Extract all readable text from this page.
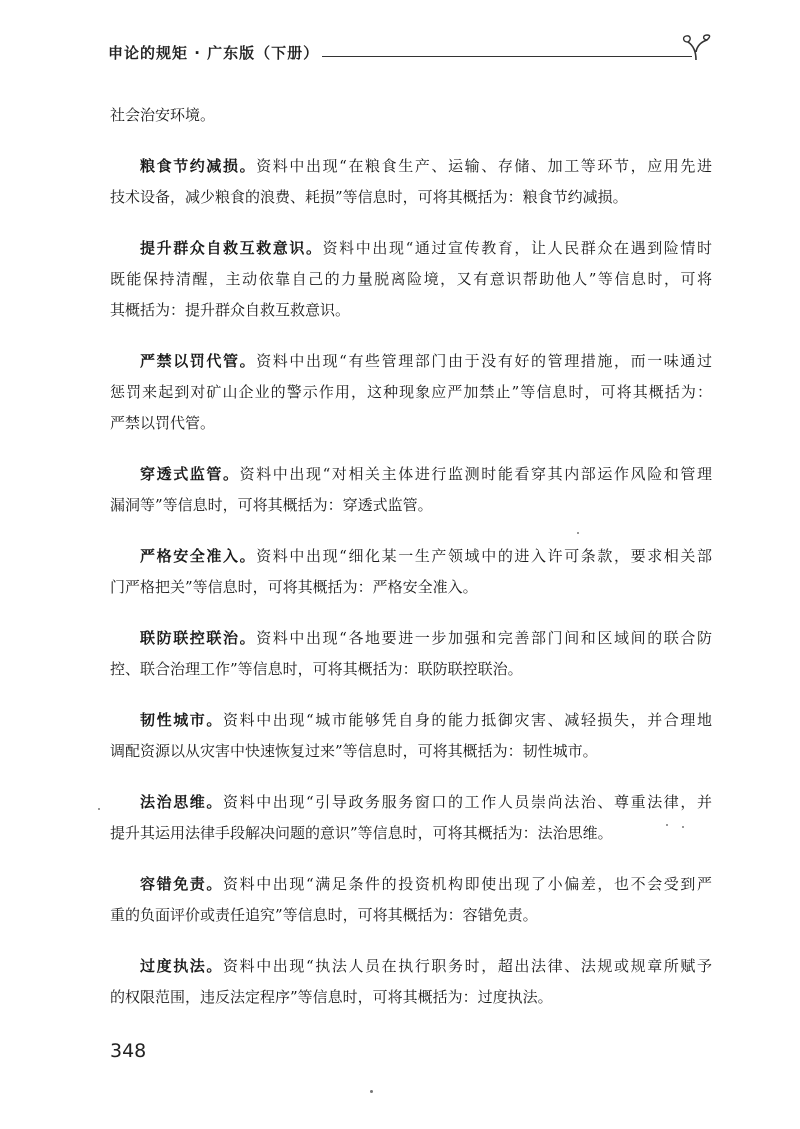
申论的规矩 · 广东版（下册）
社会治安环境。
粮食节约减损。资料中出现“在粮食生产、运输、存储、加工等环节，应用先进
技术设备，减少粮食的浪费、耗损”等信息时，可将其概括为：粮食节约减损。
提升群众自救互救意识。资料中出现“通过宣传教育，让人民群众在遇到险情时
既能保持清醒，主动依靠自己的力量脱离险境，又有意识帮助他人”等信息时，可将
其概括为：提升群众自救互救意识。
严禁以罚代管。资料中出现“有些管理部门由于没有好的管理措施，而一味通过
惩罚来起到对矿山企业的警示作用，这种现象应严加禁止”等信息时，可将其概括为：
严禁以罚代管。
穿透式监管。资料中出现“对相关主体进行监测时能看穿其内部运作风险和管理
漏洞等”等信息时，可将其概括为：穿透式监管。
严格安全准入。资料中出现“细化某一生产领域中的进入许可条款，要求相关部
门严格把关”等信息时，可将其概括为：严格安全准入。
联防联控联治。资料中出现“各地要进一步加强和完善部门间和区域间的联合防
控、联合治理工作”等信息时，可将其概括为：联防联控联治。
韧性城市。资料中出现“城市能够凭自身的能力抵御灾害、减轻损失，并合理地
调配资源以从灾害中快速恢复过来”等信息时，可将其概括为：韧性城市。
法治思维。资料中出现“引导政务服务窗口的工作人员崇尚法治、尊重法律，并
提升其运用法律手段解决问题的意识”等信息时，可将其概括为：法治思维。
容错免责。资料中出现“满足条件的投资机构即使出现了小偏差，也不会受到严
重的负面评价或责任追究”等信息时，可将其概括为：容错免责。
过度执法。资料中出现“执法人员在执行职务时，超出法律、法规或规章所赋予
的权限范围，违反法定程序”等信息时，可将其概括为：过度执法。
348
